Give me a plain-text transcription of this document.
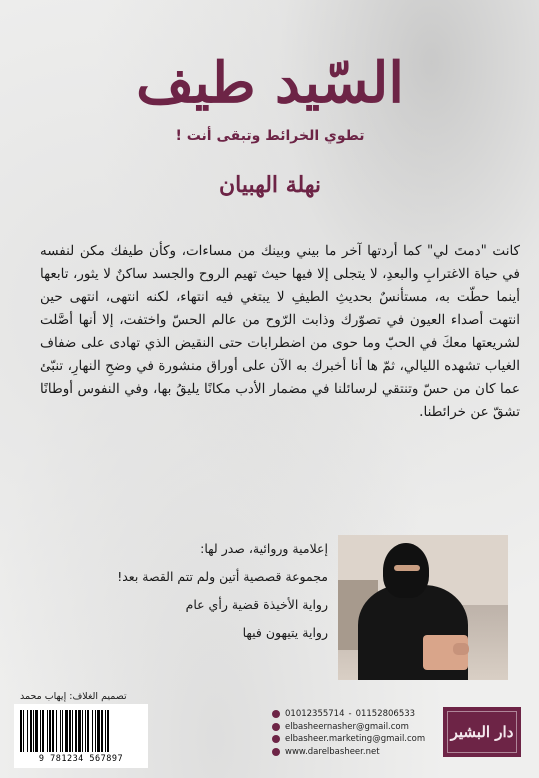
السّيد طيف
تطوي الخرائط وتبقى أنت !
نهلة الهبيان
كانت "دمتَ لي" كما أردتها آخر ما بيني وبينك من مساءات، وكأن طيفك مكن لنفسه في حياة الاغترابِ والبعدِ، لا يتجلى إلا فيها حيث تهيم الروح والجسد ساكنٌ لا يثور، تابعها أينما حطّت به، مستأنسٌ بحديثِ الطيفِ لا يبتغي فيه انتهاء، لكنه انتهى، انتهى حين انتهت أصداء العيون في تصوّرك وذابت الرّوح من عالم الحسّ واختفت، إلا أنها أصَّلت لشريعتها معكَ في الحبّ وما حوى من اضطرابات حتى النقيض الذي تهادى على ضفاف الغياب تشهده الليالي، ثمّ ها أنا أخبرك به الآن على أوراق منشورة في وضحِ النهارِ، تنبّئ عما كان من حسّ وتنتقي لرسائلنا في مضمار الأدب مكانًا يليقُ بها، وفي النفوس أوطانًا تشقّ عن خرائطنا.
إعلامية وروائية، صدر لها:
مجموعة قصصية أتين ولم تتم القصة بعد!
رواية الأخيذة قضية رأي عام
رواية يتيهون فيها
تصميم الغلاف: إيهاب محمد
9 781234 567897
01012355714 - 01152806533
elbasheernasher@gmail.com
elbasheer.marketing@gmail.com
www.darelbasheer.net
دار البشير
